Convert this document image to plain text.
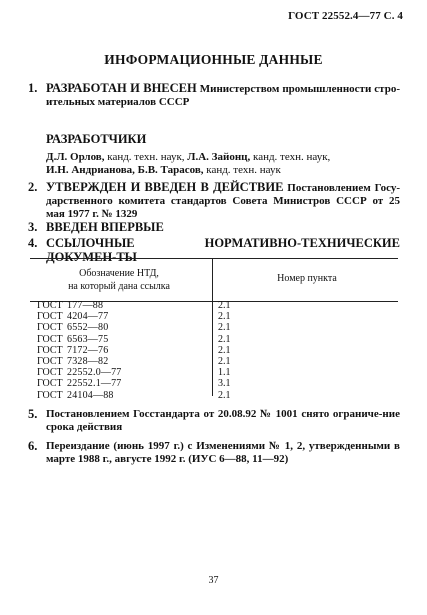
ГОСТ 22552.4—77 С. 4
ИНФОРМАЦИОННЫЕ ДАННЫЕ
1. РАЗРАБОТАН И ВНЕСЕН Министерством промышленности стро-ительных материалов СССР
РАЗРАБОТЧИКИ
Д.Л. Орлов, канд. техн. наук, Л.А. Зайонц, канд. техн. наук,
И.Н. Андрианова, Б.В. Тарасов, канд. техн. наук
2. УТВЕРЖДЕН И ВВЕДЕН В ДЕЙСТВИЕ Постановлением Госу-дарственного комитета стандартов Совета Министров СССР от 25 мая 1977 г. № 1329
3. ВВЕДЕН ВПЕРВЫЕ
4. ССЫЛОЧНЫЕ НОРМАТИВНО-ТЕХНИЧЕСКИЕ ДОКУМЕН-ТЫ
Обозначение НТД,
на который дана ссылка
Номер пункта
ГОСТ 177—88	2.1
ГОСТ 4204—77	2.1
ГОСТ 6552—80	2.1
ГОСТ 6563—75	2.1
ГОСТ 7172—76	2.1
ГОСТ 7328—82	2.1
ГОСТ 22552.0—77	1.1
ГОСТ 22552.1—77	3.1
ГОСТ 24104—88	2.1
5. Постановлением Госстандарта от 20.08.92 № 1001 снято ограниче-ние срока действия
6. Переиздание (июнь 1997 г.) с Изменениями № 1, 2, утвержденными в марте 1988 г., августе 1992 г. (ИУС 6—88, 11—92)
37
